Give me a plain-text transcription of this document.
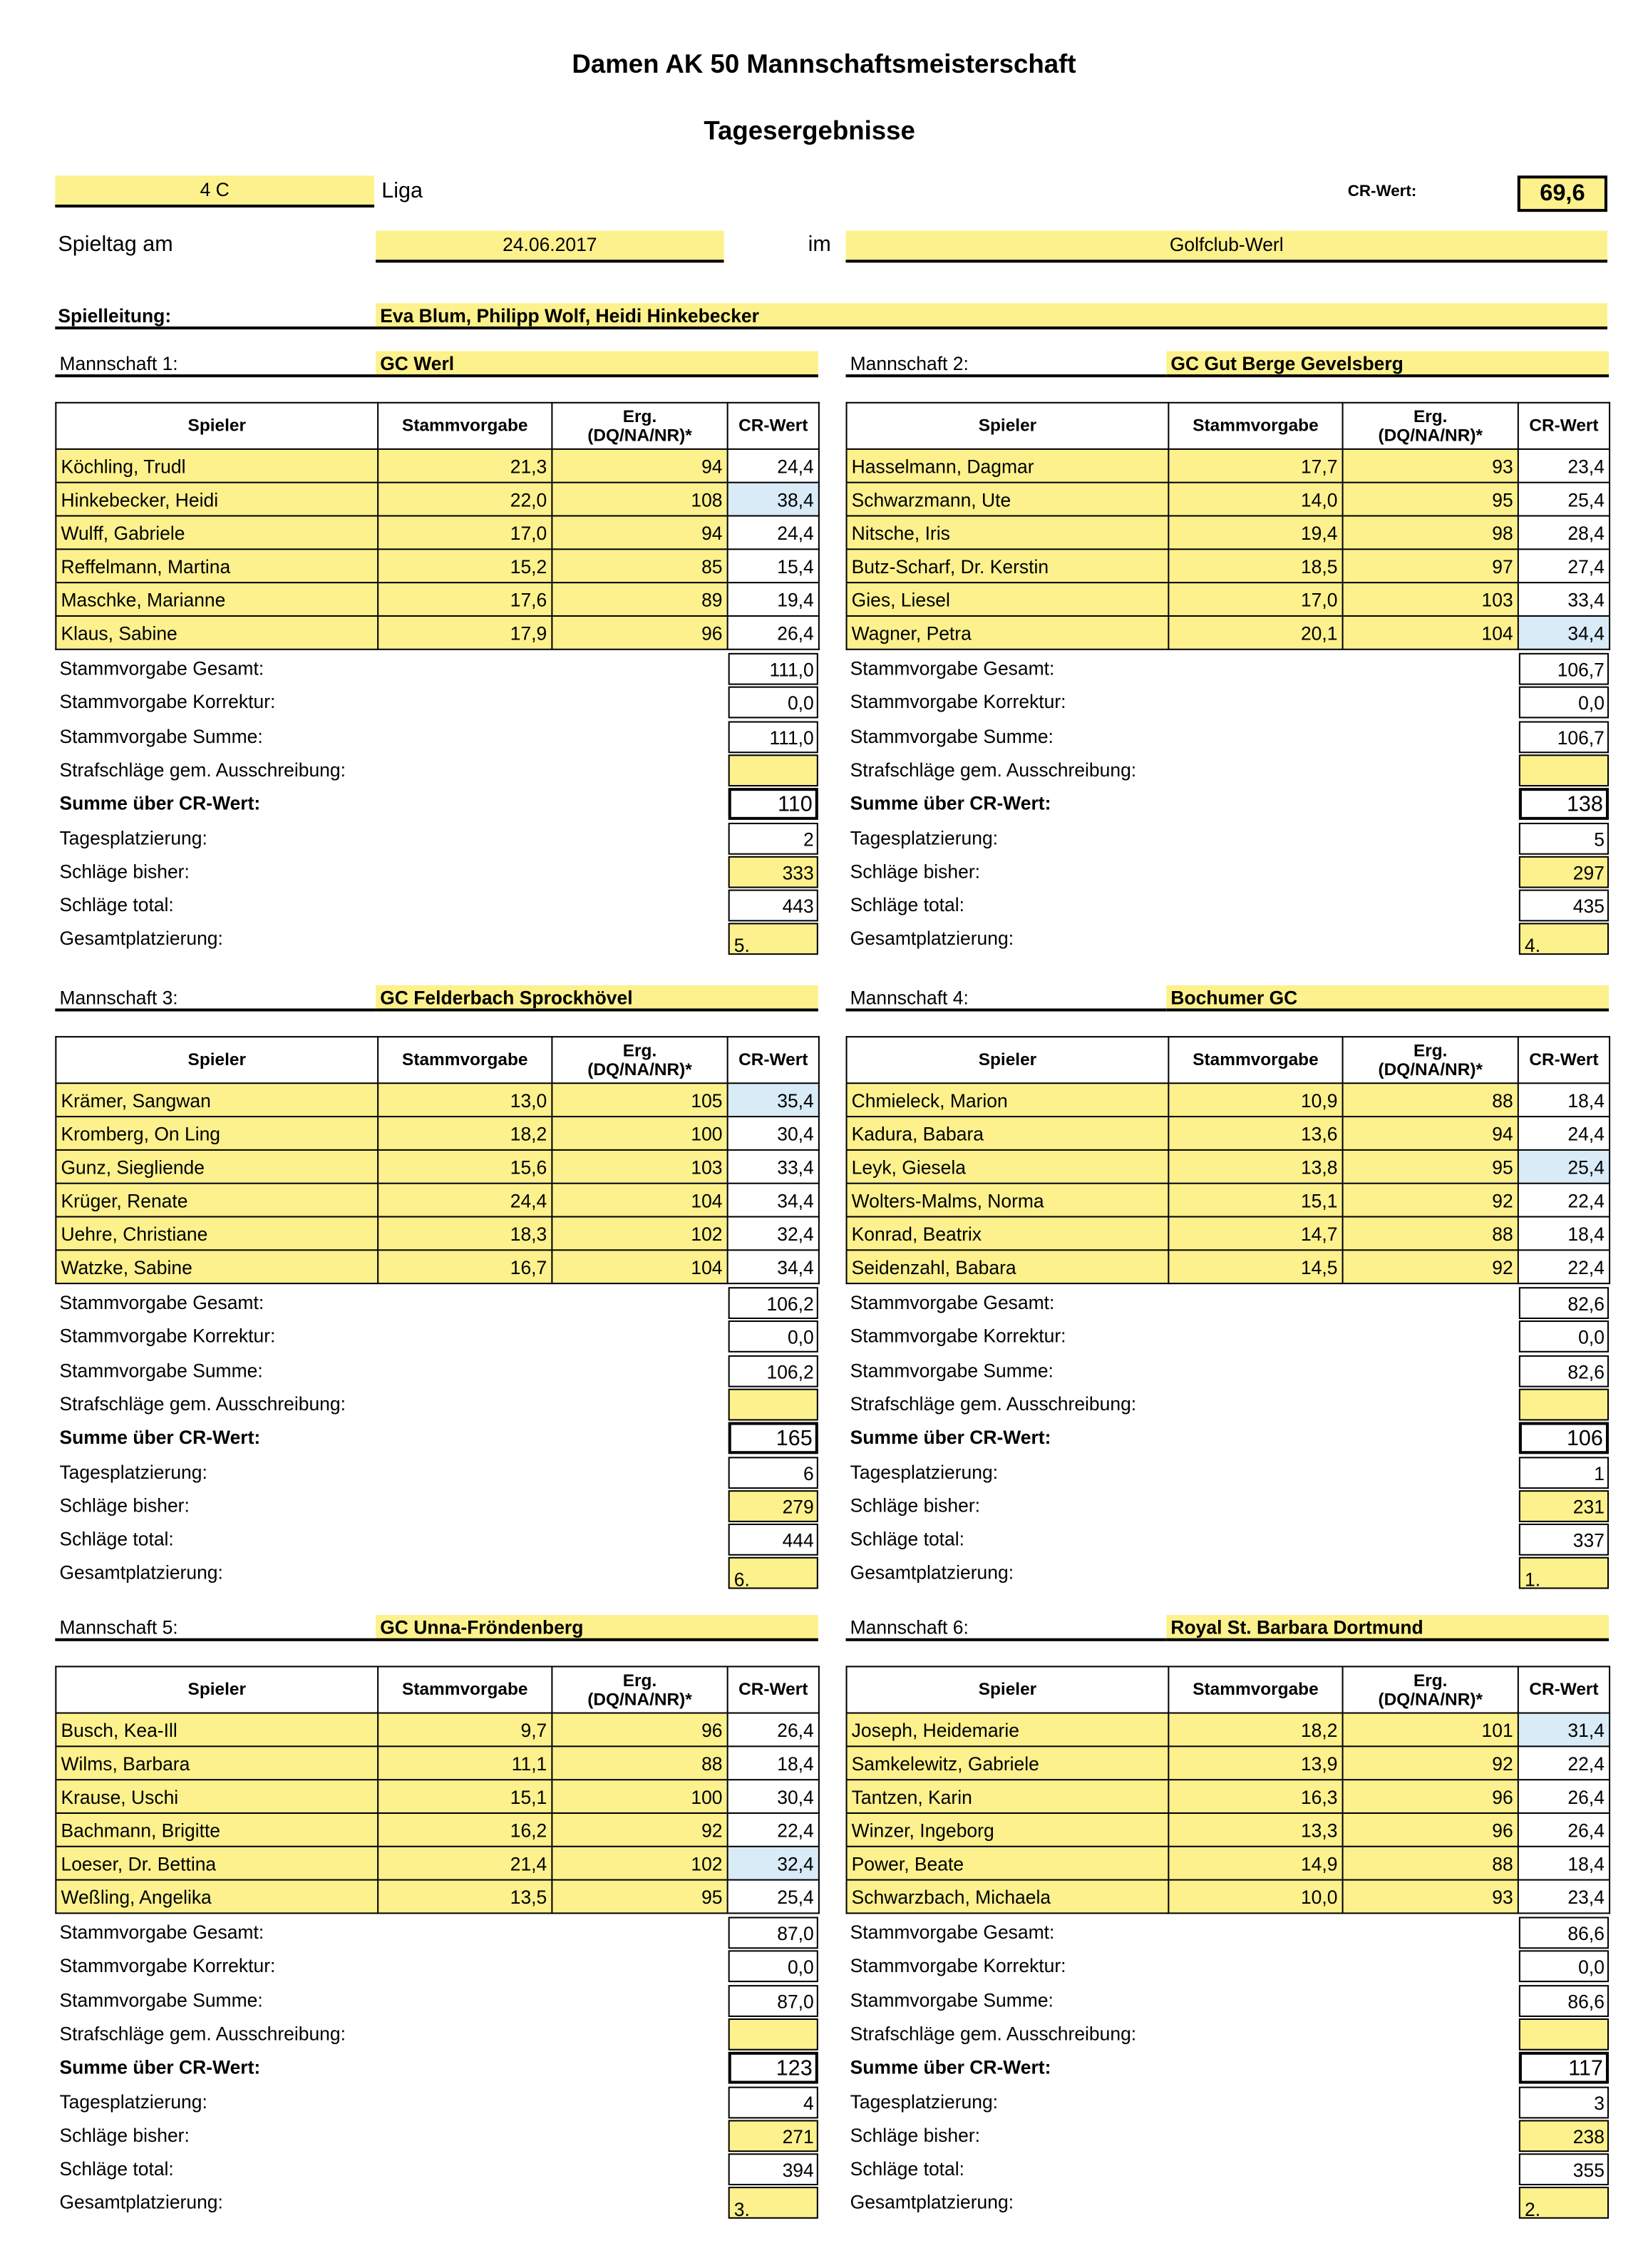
Damen AK 50 Mannschaftsmeisterschaft
Tagesergebnisse
4 C	Liga	CR-Wert:	69,6
Spieltag am	24.06.2017	im	Golfclub-Werl
Spielleitung:	Eva Blum, Philipp Wolf, Heidi Hinkebecker
Mannschaft 1:	GC Werl
Spieler	Stammvorgabe	Erg.
(DQ/NA/NR)*	CR-Wert
Köchling, Trudl	21,3	94	24,4
Hinkebecker, Heidi	22,0	108	38,4
Wulff, Gabriele	17,0	94	24,4
Reffelmann, Martina	15,2	85	15,4
Maschke, Marianne	17,6	89	19,4
Klaus, Sabine	17,9	96	26,4
Stammvorgabe Gesamt:	111,0
Stammvorgabe Korrektur:	0,0
Stammvorgabe Summe:	111,0
Strafschläge gem. Ausschreibung:
Summe über CR-Wert:	110
Tagesplatzierung:	2
Schläge bisher:	333
Schläge total:	443
Gesamtplatzierung:	5.
Mannschaft 2:	GC Gut Berge Gevelsberg
Spieler	Stammvorgabe	Erg.
(DQ/NA/NR)*	CR-Wert
Hasselmann, Dagmar	17,7	93	23,4
Schwarzmann, Ute	14,0	95	25,4
Nitsche, Iris	19,4	98	28,4
Butz-Scharf, Dr. Kerstin	18,5	97	27,4
Gies, Liesel	17,0	103	33,4
Wagner, Petra	20,1	104	34,4
Stammvorgabe Gesamt:	106,7
Stammvorgabe Korrektur:	0,0
Stammvorgabe Summe:	106,7
Strafschläge gem. Ausschreibung:
Summe über CR-Wert:	138
Tagesplatzierung:	5
Schläge bisher:	297
Schläge total:	435
Gesamtplatzierung:	4.
Mannschaft 3:	GC Felderbach Sprockhövel
Spieler	Stammvorgabe	Erg.
(DQ/NA/NR)*	CR-Wert
Krämer, Sangwan	13,0	105	35,4
Kromberg, On Ling	18,2	100	30,4
Gunz, Siegliende	15,6	103	33,4
Krüger, Renate	24,4	104	34,4
Uehre, Christiane	18,3	102	32,4
Watzke, Sabine	16,7	104	34,4
Stammvorgabe Gesamt:	106,2
Stammvorgabe Korrektur:	0,0
Stammvorgabe Summe:	106,2
Strafschläge gem. Ausschreibung:
Summe über CR-Wert:	165
Tagesplatzierung:	6
Schläge bisher:	279
Schläge total:	444
Gesamtplatzierung:	6.
Mannschaft 4:	Bochumer GC
Spieler	Stammvorgabe	Erg.
(DQ/NA/NR)*	CR-Wert
Chmieleck, Marion	10,9	88	18,4
Kadura, Babara	13,6	94	24,4
Leyk, Giesela	13,8	95	25,4
Wolters-Malms, Norma	15,1	92	22,4
Konrad, Beatrix	14,7	88	18,4
Seidenzahl, Babara	14,5	92	22,4
Stammvorgabe Gesamt:	82,6
Stammvorgabe Korrektur:	0,0
Stammvorgabe Summe:	82,6
Strafschläge gem. Ausschreibung:
Summe über CR-Wert:	106
Tagesplatzierung:	1
Schläge bisher:	231
Schläge total:	337
Gesamtplatzierung:	1.
Mannschaft 5:	GC Unna-Fröndenberg
Spieler	Stammvorgabe	Erg.
(DQ/NA/NR)*	CR-Wert
Busch, Kea-Ill	9,7	96	26,4
Wilms, Barbara	11,1	88	18,4
Krause, Uschi	15,1	100	30,4
Bachmann, Brigitte	16,2	92	22,4
Loeser, Dr. Bettina	21,4	102	32,4
Weßling, Angelika	13,5	95	25,4
Stammvorgabe Gesamt:	87,0
Stammvorgabe Korrektur:	0,0
Stammvorgabe Summe:	87,0
Strafschläge gem. Ausschreibung:
Summe über CR-Wert:	123
Tagesplatzierung:	4
Schläge bisher:	271
Schläge total:	394
Gesamtplatzierung:	3.
Mannschaft 6:	Royal St. Barbara Dortmund
Spieler	Stammvorgabe	Erg.
(DQ/NA/NR)*	CR-Wert
Joseph, Heidemarie	18,2	101	31,4
Samkelewitz, Gabriele	13,9	92	22,4
Tantzen, Karin	16,3	96	26,4
Winzer, Ingeborg	13,3	96	26,4
Power, Beate	14,9	88	18,4
Schwarzbach, Michaela	10,0	93	23,4
Stammvorgabe Gesamt:	86,6
Stammvorgabe Korrektur:	0,0
Stammvorgabe Summe:	86,6
Strafschläge gem. Ausschreibung:
Summe über CR-Wert:	117
Tagesplatzierung:	3
Schläge bisher:	238
Schläge total:	355
Gesamtplatzierung:	2.
